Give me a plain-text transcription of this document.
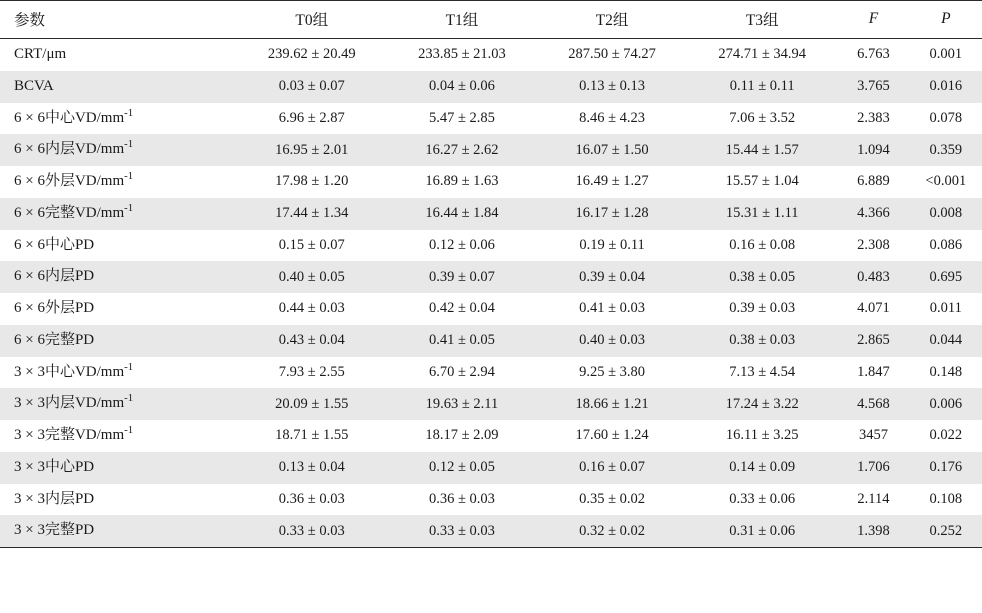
参数	T0组	T1组	T2组	T3组	F	P
CRT/μm	239.62 ± 20.49	233.85 ± 21.03	287.50 ± 74.27	274.71 ± 34.94	6.763	0.001
BCVA	0.03 ± 0.07	0.04 ± 0.06	0.13 ± 0.13	0.11 ± 0.11	3.765	0.016
6 × 6中心$VD/mm^{-1}$	6.96 ± 2.87	5.47 ± 2.85	8.46 ± 4.23	7.06 ± 3.52	2.383	0.078
6 × 6内层$VD/mm^{-1}$	16.95 ± 2.01	16.27 ± 2.62	16.07 ± 1.50	15.44 ± 1.57	1.094	0.359
6 × 6外层$VD/mm^{-1}$	17.98 ± 1.20	16.89 ± 1.63	16.49 ± 1.27	15.57 ± 1.04	6.889	<0.001
6 × 6完整$VD/mm^{-1}$	17.44 ± 1.34	16.44 ± 1.84	16.17 ± 1.28	15.31 ± 1.11	4.366	0.008
6 × 6中心PD	0.15 ± 0.07	0.12 ± 0.06	0.19 ± 0.11	0.16 ± 0.08	2.308	0.086
6 × 6内层PD	0.40 ± 0.05	0.39 ± 0.07	0.39 ± 0.04	0.38 ± 0.05	0.483	0.695
6 × 6外层PD	0.44 ± 0.03	0.42 ± 0.04	0.41 ± 0.03	0.39 ± 0.03	4.071	0.011
6 × 6完整PD	0.43 ± 0.04	0.41 ± 0.05	0.40 ± 0.03	0.38 ± 0.03	2.865	0.044
3 × 3中心$VD/mm^{-1}$	7.93 ± 2.55	6.70 ± 2.94	9.25 ± 3.80	7.13 ± 4.54	1.847	0.148
3 × 3内层$VD/mm^{-1}$	20.09 ± 1.55	19.63 ± 2.11	18.66 ± 1.21	17.24 ± 3.22	4.568	0.006
3 × 3完整$VD/mm^{-1}$	18.71 ± 1.55	18.17 ± 2.09	17.60 ± 1.24	16.11 ± 3.25	3457	0.022
3 × 3中心PD	0.13 ± 0.04	0.12 ± 0.05	0.16 ± 0.07	0.14 ± 0.09	1.706	0.176
3 × 3内层PD	0.36 ± 0.03	0.36 ± 0.03	0.35 ± 0.02	0.33 ± 0.06	2.114	0.108
3 × 3完整PD	0.33 ± 0.03	0.33 ± 0.03	0.32 ± 0.02	0.31 ± 0.06	1.398	0.252
